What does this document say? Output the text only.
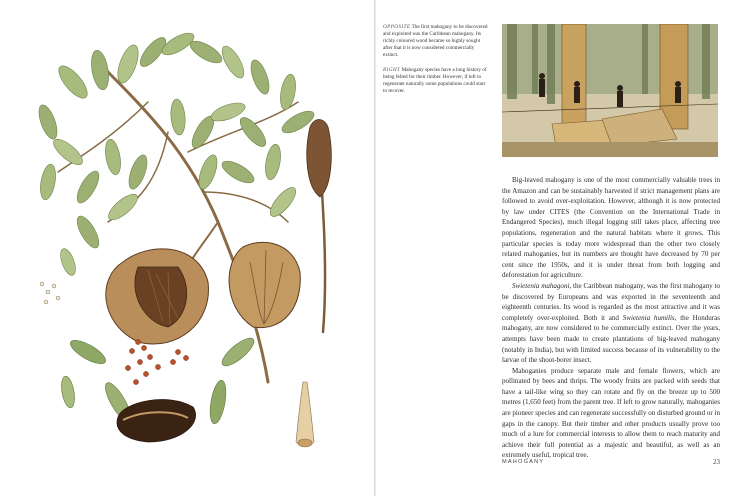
OPPOSITE The first mahogany to be discovered and exploited was the Caribbean mahogany. Its richly coloured wood became so highly sought after that it is now considered commercially extinct.
RIGHT Mahogany species have a long history of being felled for their timber. However, if left to regenerate naturally some populations could start to recover.

Big-leaved mahogany is one of the most commercially valuable trees in the Amazon and can be sustainably harvested if strict management plans are followed to avoid over-exploitation. However, although it is now protected by law under CITES (the Convention on the International Trade in Endangered Species), much illegal logging still takes place, affecting tree populations, regeneration and the natural habitats where it grows. This particular species is today more widespread than the other two closely related mahoganies, but its numbers are thought have decreased by 70 per cent since the 1950s, and it is under threat from both logging and deforestation for agriculture.

Swietenia mahagoni, the Caribbean mahogany, was the first mahogany to be discovered by Europeans and was exported in the seventeenth and eighteenth centuries. Its wood is regarded as the most attractive and it was completely over-exploited. Both it and Swietenia humilis, the Honduras mahogany, are now considered to be commercially extinct. Over the years, attempts have been made to create plantations of big-leaved mahogany (notably in India), but with limited success because of its vulnerability to the larvae of the shoot-borer insect.

Mahoganies produce separate male and female flowers, which are pollinated by bees and thrips. The woody fruits are packed with seeds that have a tail-like wing so they can rotate and fly on the breeze up to 500 metres (1,650 feet) from the parent tree. If left to grow naturally, mahoganies are pioneer species and can regenerate successfully on disturbed ground or in gaps in the canopy. But their timber and other products usually prove too much of a lure for commercial interests to allow them to reach maturity and achieve their full potential as a majestic and beautiful, as well as an extremely useful, tropical tree.

MAHOGANY	23
